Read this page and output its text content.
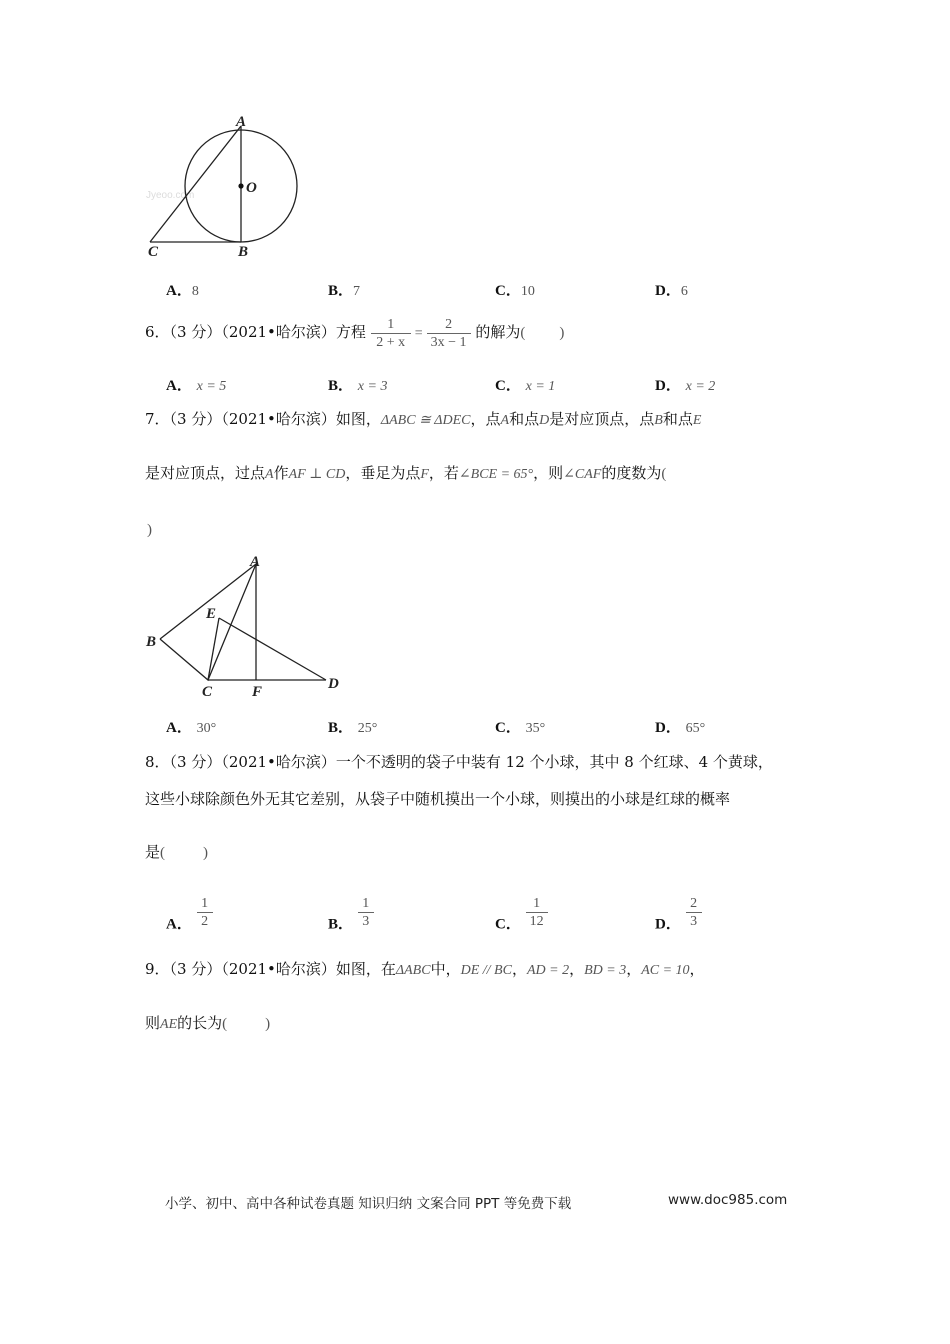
Jyeoo.com
A
O
B
C
A．8	B．7	C．10	D．6
6．（3 分）（2021•哈尔滨）方程 $\frac{1}{2 + x} = \frac{2}{3x - 1}$ 的解为( )
A． x = 5	B． x = 3	C． x = 1	D． x = 2
7．（3 分）（2021•哈尔滨）如图，ΔABC ≅ ΔDEC，点A和点D是对应顶点，点B和点E
是对应顶点，过点A作AF ⊥ CD，垂足为点F，若∠BCE = 65°，则∠CAF的度数为(
)
A
B
C	D
E
F
A． 30°	B． 25°	C． 35°	D． 65°
8．（3 分）（2021•哈尔滨）一个不透明的袋子中装有 12 个小球，其中 8 个红球、4 个黄球，
这些小球除颜色外无其它差别，从袋子中随机摸出一个小球，则摸出的小球是红球的概率
是(	)
A． $\frac{1}{2}$	B． $\frac{1}{3}$	C． $\frac{1}{12}$	D． $\frac{2}{3}$
9．（3 分）（2021•哈尔滨）如图，在ΔABC中，DE // BC，AD = 2，BD = 3，AC = 10，
则AE的长为(	)
小学、初中、高中各种试卷真题 知识归纳 文案合同 PPT 等免费下载	www.doc985.com
